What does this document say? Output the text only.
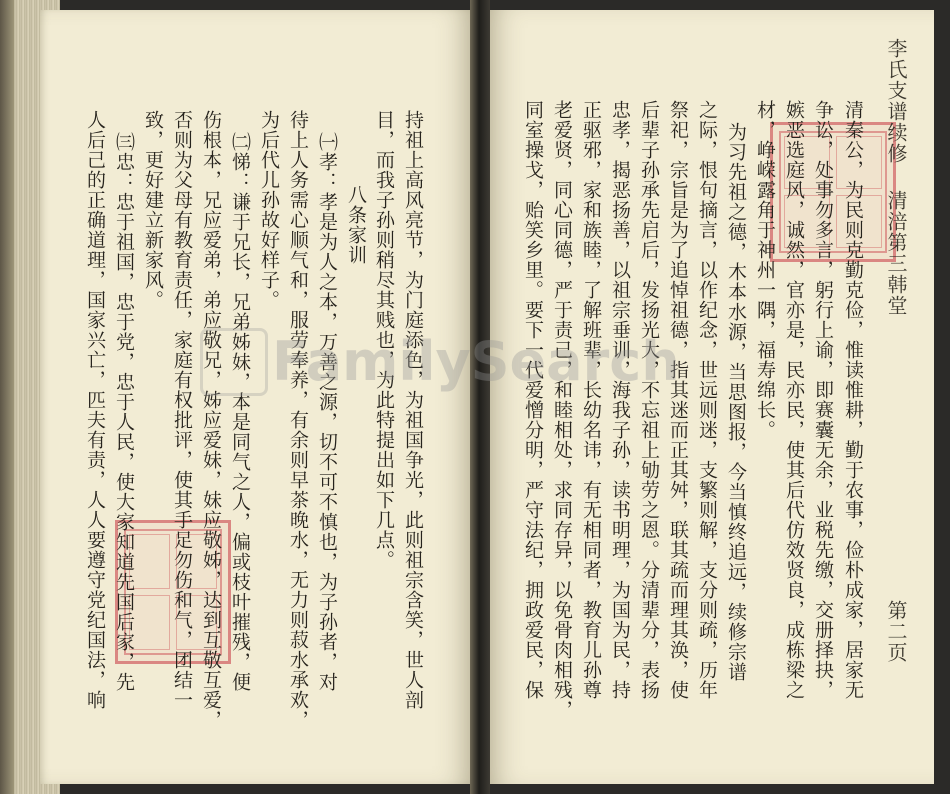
李氏支谱续修
清涪第三韩堂
第二页
清秦公，为民则克勤克俭，惟读惟耕，勤于农事，俭朴成家，居家无
争讼，处事勿多言，躬行上谕，即赛囊无余，业税先缴，交册择抉，
嫉恶选庭风，诚然，官亦是，民亦民，使其后代仿效贤良，成栋梁之
材，峥嵘露角于神州一隅，福寿绵长。
为习先祖之德，木本水源，当思图报，今当慎终追远，续修宗谱
之际，恨句摘言，以作纪念，世远则迷，支繁则解，支分则疏，历年
祭祀，宗旨是为了追悼祖德，指其迷而正其舛，联其疏而理其涣，使
后辈子孙承先启后，发扬光大，不忘祖上劬劳之恩。分清辈分，表扬
忠孝，揭恶扬善，以祖宗垂训，海我子孙，读书明理，为国为民，持
正驱邪，家和族睦，了解班辈，长幼名讳，有无相同者，教育儿孙尊
老爱贤，同心同德，严于责己，和睦相处，求同存异，以免骨肉相残，
同室操戈，贻笑乡里。要下一代爱憎分明，严守法纪，拥政爱民，保
持祖上高风亮节，为门庭添色，为祖国争光，此则祖宗含笑，世人剖
目，而我子孙则稍尽其贱也，为此特提出如下几点。
八条家训
㈠孝：孝是为人之本，万善之源，切不可不慎也，为子孙者，对
待上人务需心顺气和，服劳奉养，有余则早茶晚水，无力则菽水承欢，
为后代儿孙故好样子。
㈡悌：谦于兄长，兄弟姊妹，本是同气之人，偏或枝叶摧残，便
伤根本，兄应爱弟，弟应敬兄，姊应爱妹，妹应敬姊，达到互敬互爱，
否则为父母有教育责任，家庭有权批评，使其手足勿伤和气，团结一
致，更好建立新家风。
㈢忠：忠于祖国，忠于党，忠于人民，使大家知道先国后家，先
人后己的正确道理，国家兴亡，匹夫有责，人人要遵守党纪国法，响	FamilySearch
